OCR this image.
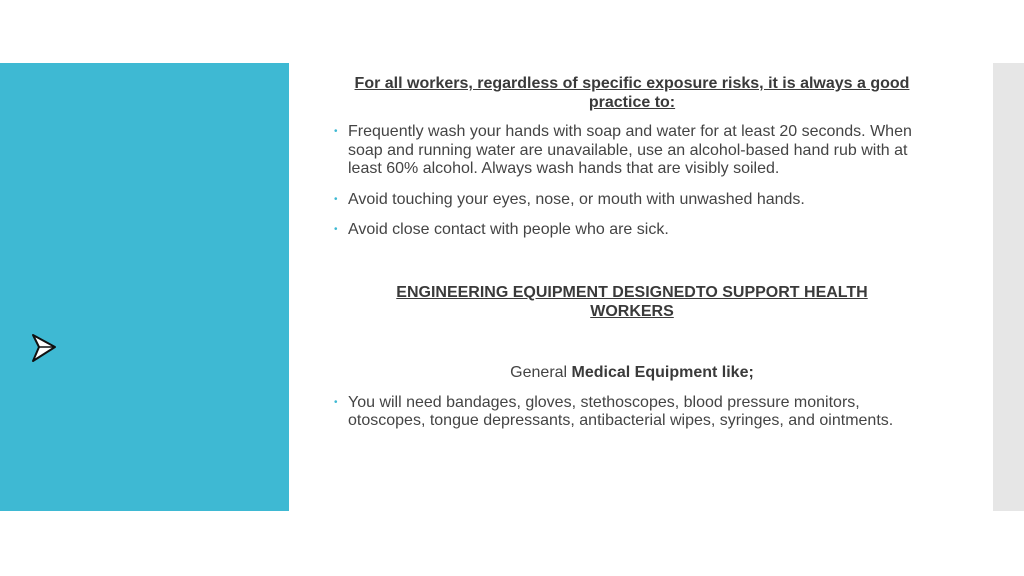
For all workers, regardless of specific exposure risks, it is always a good practice to:

• Frequently wash your hands with soap and water for at least 20 seconds. When soap and running water are unavailable, use an alcohol-based hand rub with at least 60% alcohol. Always wash hands that are visibly soiled.

• Avoid touching your eyes, nose, or mouth with unwashed hands.

• Avoid close contact with people who are sick.

ENGINEERING EQUIPMENT DESIGNEDTO SUPPORT HEALTH WORKERS

General Medical Equipment like;

• You will need bandages, gloves, stethoscopes, blood pressure monitors, otoscopes, tongue depressants, antibacterial wipes, syringes, and ointments.
